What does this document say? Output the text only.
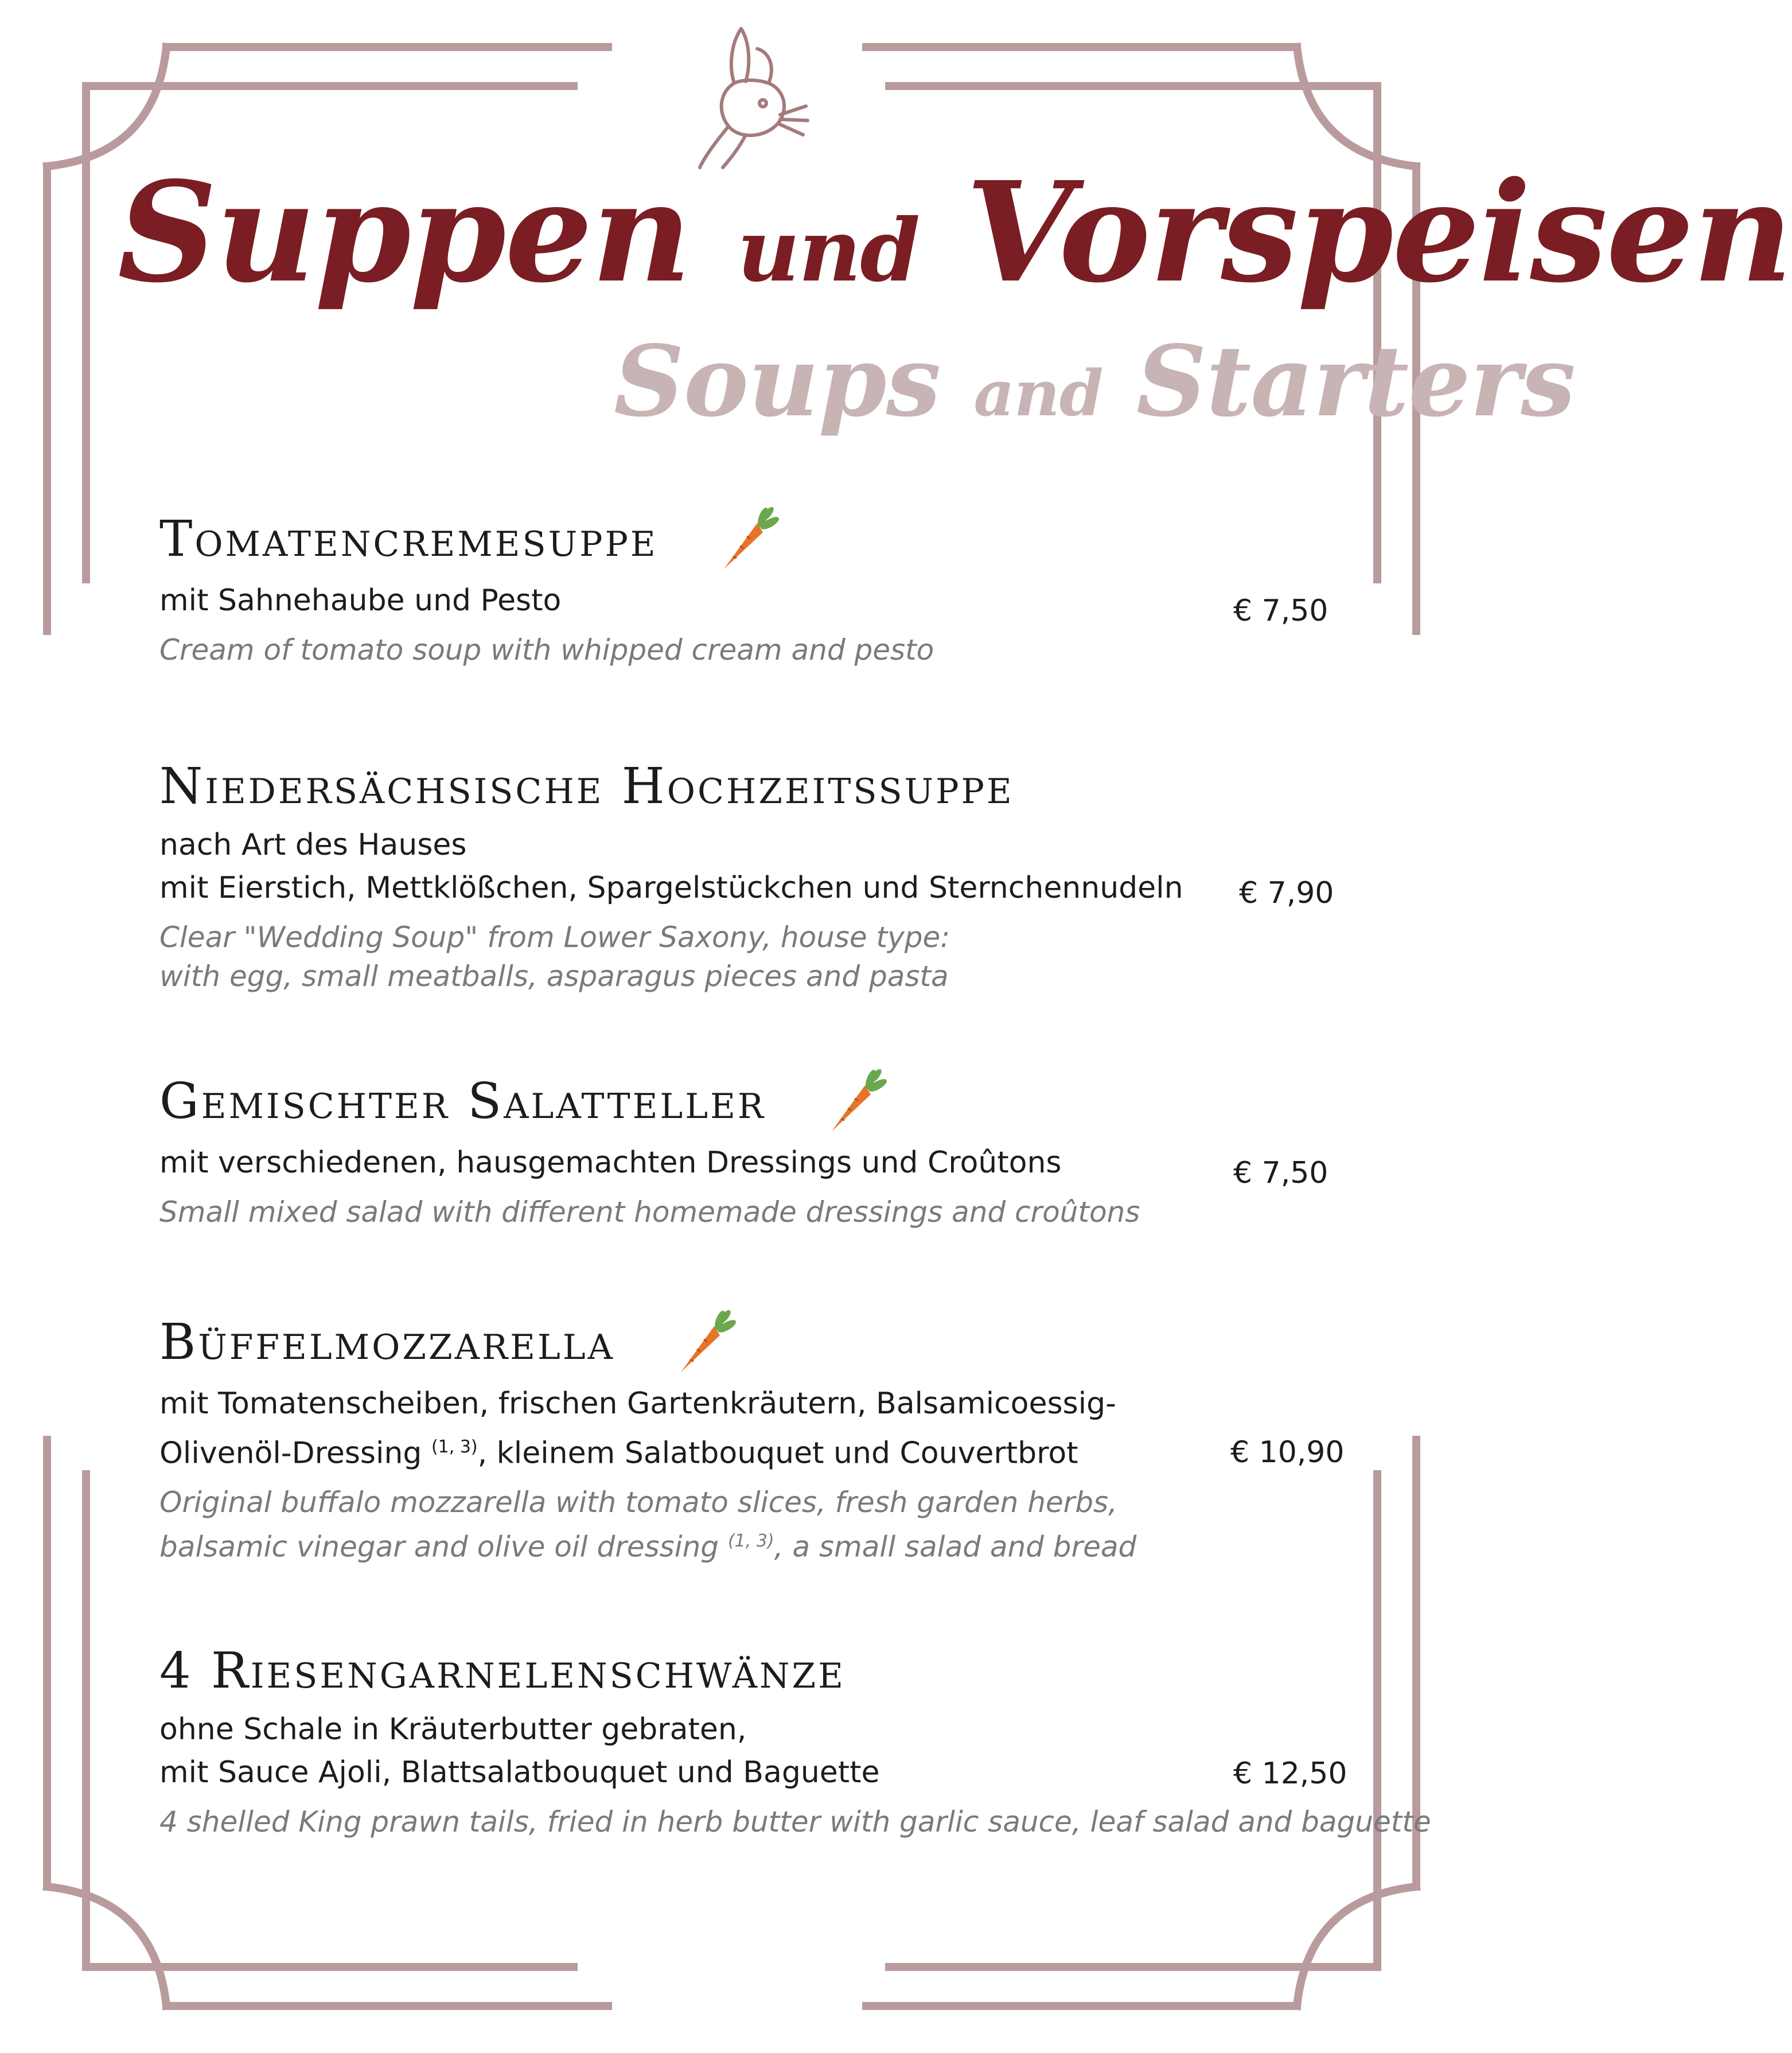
Suppen und Vorspeisen
Soups and Starters
Tomatencremesuppe
mit Sahnehaube und Pesto
Cream of tomato soup with whipped cream and pesto
€ 7,50
Niedersächsische Hochzeitssuppe
nach Art des Hauses
mit Eierstich, Mettklößchen, Spargelstückchen und Sternchennudeln
Clear "Wedding Soup" from Lower Saxony, house type:
with egg, small meatballs, asparagus pieces and pasta
€ 7,90
Gemischter Salatteller
mit verschiedenen, hausgemachten Dressings und Croûtons
Small mixed salad with different homemade dressings and croûtons
€ 7,50
Büffelmozzarella
mit Tomatenscheiben, frischen Gartenkräutern, Balsamicoessig-
Olivenöl-Dressing $^{(1, 3)}$, kleinem Salatbouquet und Couvertbrot
Original buffalo mozzarella with tomato slices, fresh garden herbs,
balsamic vinegar and olive oil dressing $^{(1, 3)}$, a small salad and bread
€ 10,90
4 Riesengarnelenschwänze
ohne Schale in Kräuterbutter gebraten,
mit Sauce Ajoli, Blattsalatbouquet und Baguette
4 shelled King prawn tails, fried in herb butter with garlic sauce, leaf salad and baguette
€ 12,50
